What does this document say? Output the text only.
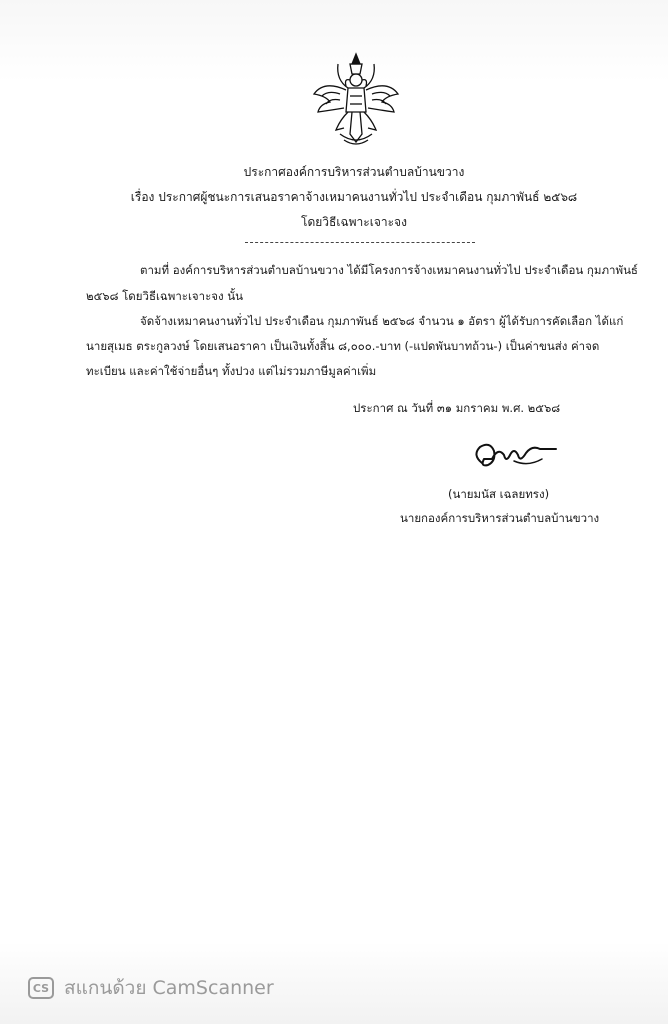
ประกาศองค์การบริหารส่วนตำบลบ้านขวาง
เรื่อง ประกาศผู้ชนะการเสนอราคาจ้างเหมาคนงานทั่วไป ประจำเดือน กุมภาพันธ์ ๒๕๖๘
โดยวิธีเฉพาะเจาะจง
ตามที่ องค์การบริหารส่วนตำบลบ้านขวาง ได้มีโครงการจ้างเหมาคนงานทั่วไป ประจำเดือน กุมภาพันธ์
๒๕๖๘ โดยวิธีเฉพาะเจาะจง นั้น
จัดจ้างเหมาคนงานทั่วไป ประจำเดือน กุมภาพันธ์ ๒๕๖๘ จำนวน ๑ อัตรา ผู้ได้รับการคัดเลือก ได้แก่
นายสุเมธ ตระกูลวงษ์ โดยเสนอราคา เป็นเงินทั้งสิ้น ๘,๐๐๐.-บาท (-แปดพันบาทถ้วน-) เป็นค่าขนส่ง ค่าจด
ทะเบียน และค่าใช้จ่ายอื่นๆ ทั้งปวง แต่ไม่รวมภาษีมูลค่าเพิ่ม
ประกาศ ณ วันที่ ๓๑ มกราคม พ.ศ. ๒๕๖๘
(นายมนัส เฉลยทรง)
นายกองค์การบริหารส่วนตำบลบ้านขวาง
CS สแกนด้วย CamScanner
